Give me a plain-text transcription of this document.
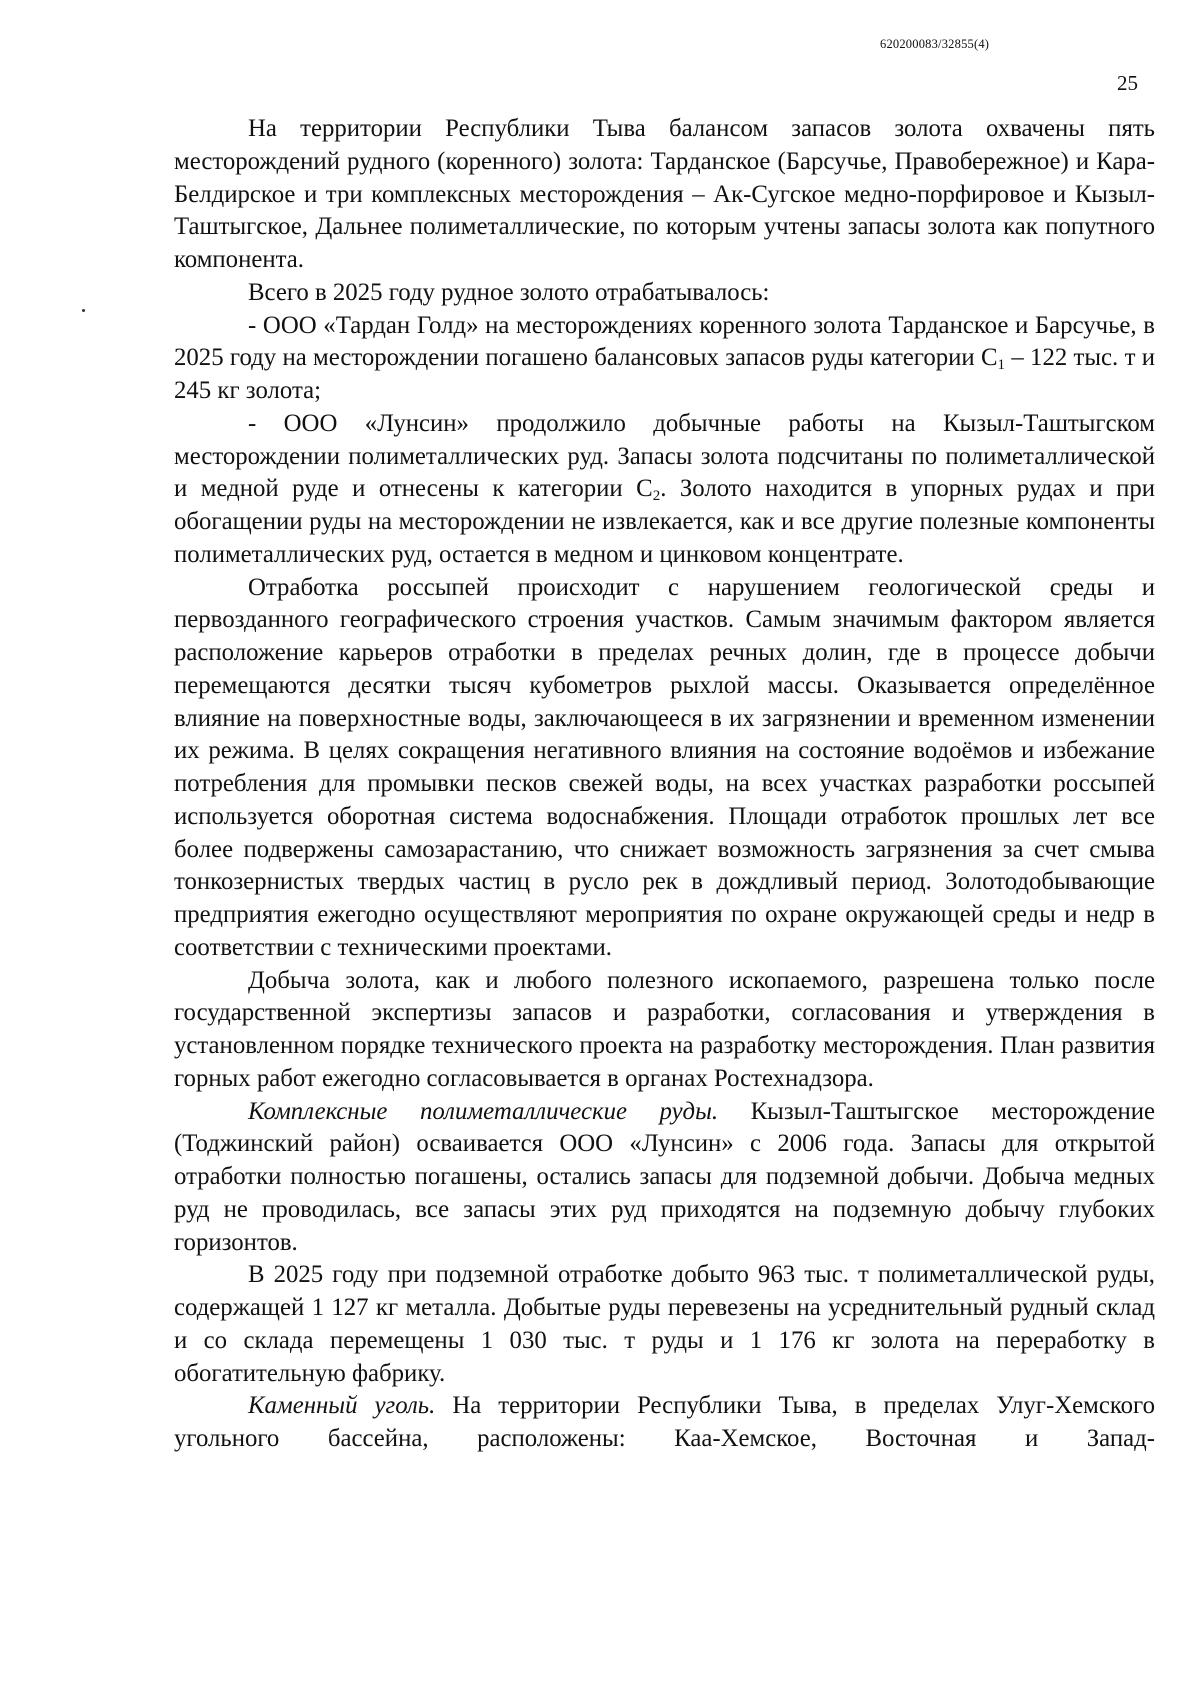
620200083/32855(4)
25

На территории Республики Тыва балансом запасов золота охвачены пять месторождений рудного (коренного) золота: Тарданское (Барсучье, Правобережное) и Кара-Белдирское и три комплексных месторождения – Ак-Сугское медно-порфировое и Кызыл-Таштыгское, Дальнее полиметаллические, по которым учтены запасы золота как попутного компонента.

Всего в 2025 году рудное золото отрабатывалось:

- ООО «Тардан Голд» на месторождениях коренного золота Тарданское и Барсучье, в 2025 году на месторождении погашено балансовых запасов руды категории $С_1 - 122$ тыс. т и 245 кг золота;

- ООО «Лунсин» продолжило добычные работы на Кызыл-Таштыгском месторождении полиметаллических руд. Запасы золота подсчитаны по полиметаллической и медной руде и отнесены к категории $С_2$. Золото находится в упорных рудах и при обогащении руды на месторождении не извлекается, как и все другие полезные компоненты полиметаллических руд, остается в медном и цинковом концентрате.

Отработка россыпей происходит с нарушением геологической среды и первозданного географического строения участков. Самым значимым фактором является расположение карьеров отработки в пределах речных долин, где в процессе добычи перемещаются десятки тысяч кубометров рыхлой массы. Оказывается определённое влияние на поверхностные воды, заключающееся в их загрязнении и временном изменении их режима. В целях сокращения негативного влияния на состояние водоёмов и избежание потребления для промывки песков свежей воды, на всех участках разработки россыпей используется оборотная система водоснабжения. Площади отработок прошлых лет все более подвержены самозарастанию, что снижает возможность загрязнения за счет смыва тонкозернистых твердых частиц в русло рек в дождливый период. Золотодобывающие предприятия ежегодно осуществляют мероприятия по охране окружающей среды и недр в соответствии с техническими проектами.

Добыча золота, как и любого полезного ископаемого, разрешена только после государственной экспертизы запасов и разработки, согласования и утверждения в установленном порядке технического проекта на разработку месторождения. План развития горных работ ежегодно согласовывается в органах Ростехнадзора.

Комплексные полиметаллические руды. Кызыл-Таштыгское месторождение (Тоджинский район) осваивается ООО «Лунсин» с 2006 года. Запасы для открытой отработки полностью погашены, остались запасы для подземной добычи. Добыча медных руд не проводилась, все запасы этих руд приходятся на подземную добычу глубоких горизонтов.

В 2025 году при подземной отработке добыто 963 тыс. т полиметаллической руды, содержащей 1 127 кг металла. Добытые руды перевезены на усреднительный рудный склад и со склада перемещены 1 030 тыс. т руды и 1 176 кг золота на переработку в обогатительную фабрику.

Каменный уголь. На территории Республики Тыва, в пределах Улуг-Хемского угольного бассейна, расположены: Каа-Хемское, Восточная и Запад-
